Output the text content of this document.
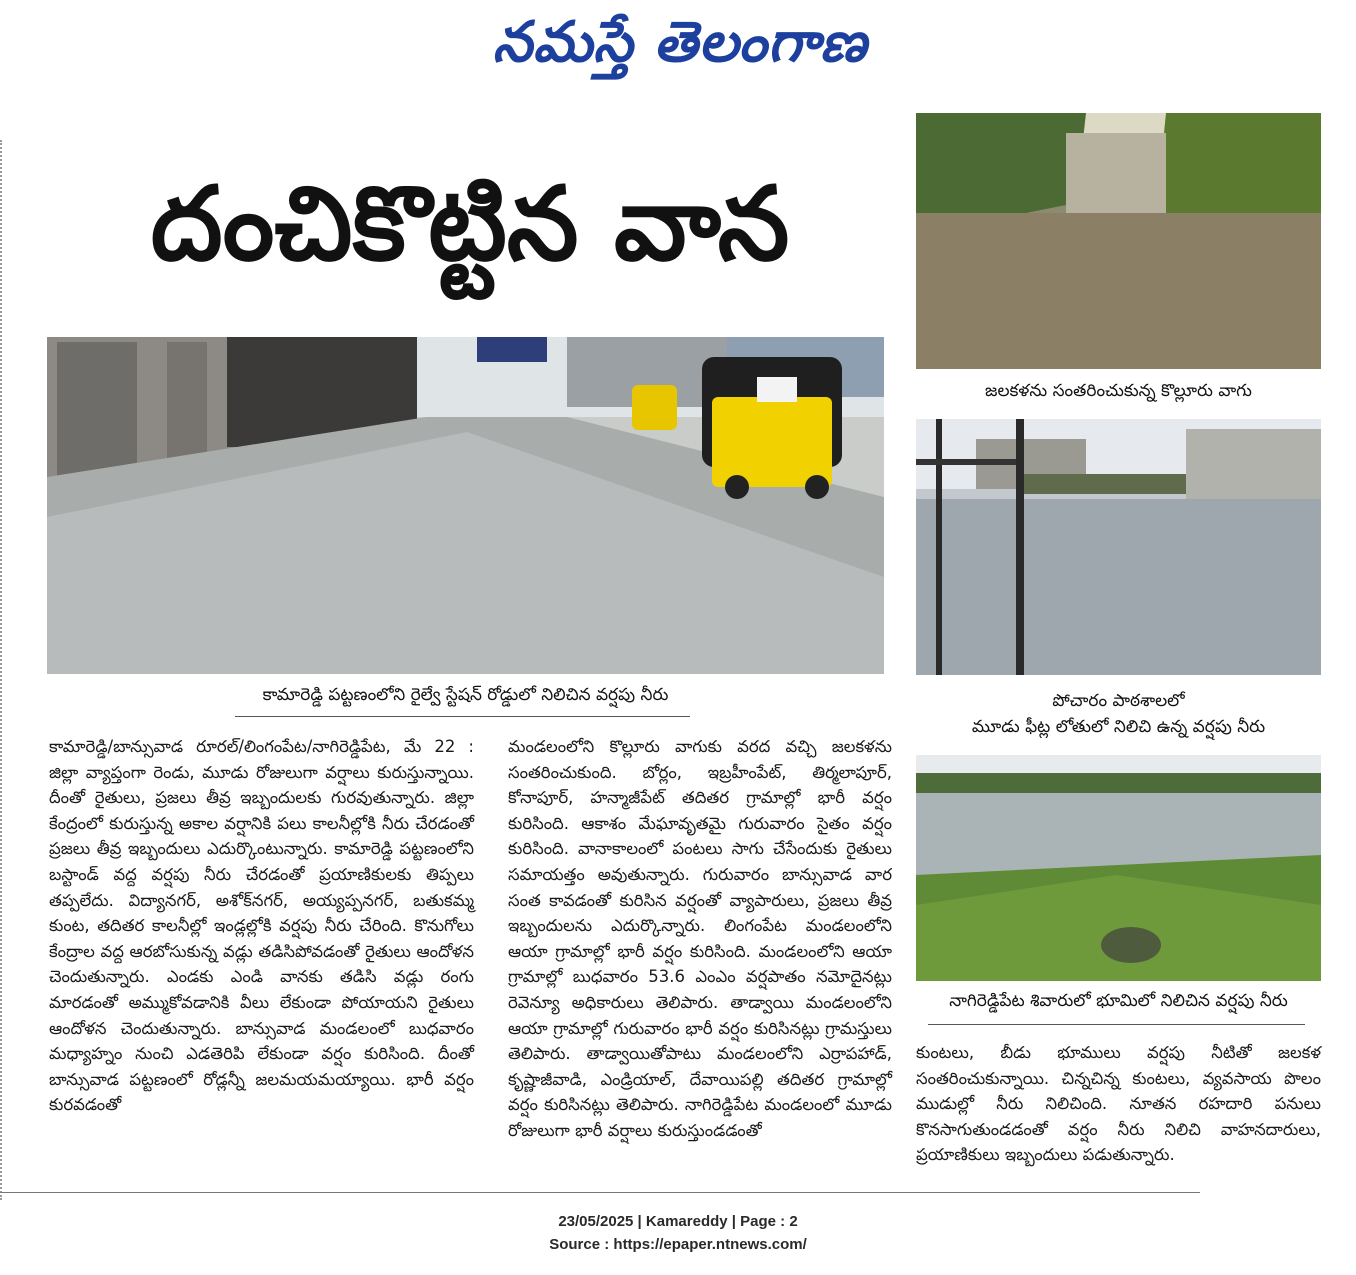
నమస్తే తెలంగాణ
దంచికొట్టిన వాన
కామారెడ్డి పట్టణంలోని రైల్వే స్టేషన్ రోడ్డులో నిలిచిన వర్షపు నీరు
జలకళను సంతరించుకున్న కొల్లూరు వాగు
పోచారం పాఠశాలలో
మూడు ఫీట్ల లోతులో నిలిచి ఉన్న వర్షపు నీరు
నాగిరెడ్డిపేట శివారులో భూమిలో నిలిచిన వర్షపు నీరు
కామారెడ్డి/బాన్సువాడ రూరల్/లింగంపేట/నాగిరెడ్డిపేట, మే 22 : జిల్లా వ్యాప్తంగా రెండు, మూడు రోజులుగా వర్షాలు కురుస్తున్నాయి. దీంతో రైతులు, ప్రజలు తీవ్ర ఇబ్బందులకు గురవుతున్నారు. జిల్లా కేంద్రంలో కురుస్తున్న అకాల వర్షానికి పలు కాలనీల్లోకి నీరు చేరడంతో ప్రజలు తీవ్ర ఇబ్బందులు ఎదుర్కొంటున్నారు. కామారెడ్డి పట్టణంలోని బస్టాండ్ వద్ద వర్షపు నీరు చేరడంతో ప్రయాణికులకు తిప్పలు తప్పలేదు. విద్యానగర్, అశోక్‌నగర్, అయ్యప్పనగర్, బతుకమ్మ కుంట, తదితర కాలనీల్లో ఇండ్లల్లోకి వర్షపు నీరు చేరింది. కొనుగోలు కేంద్రాల వద్ద ఆరబోసుకున్న వడ్లు తడిసిపోవడంతో రైతులు ఆందోళన చెందుతున్నారు. ఎండకు ఎండి వానకు తడిసి వడ్లు రంగు మారడంతో అమ్ముకోవడానికి వీలు లేకుండా పోయాయని రైతులు ఆందోళన చెందుతున్నారు. బాన్సువాడ మండలంలో బుధవారం మధ్యాహ్నం నుంచి ఎడతెరిపి లేకుండా వర్షం కురిసింది. దీంతో బాన్సువాడ పట్టణంలో రోడ్లన్నీ జలమయమయ్యాయి. భారీ వర్షం కురవడంతో
మండలంలోని కొల్లూరు వాగుకు వరద వచ్చి జలకళను సంతరించుకుంది. బోర్లం, ఇబ్రహీంపేట్, తిర్మలాపూర్, కోనాపూర్, హన్మాజీపేట్ తదితర గ్రామాల్లో భారీ వర్షం కురిసింది. ఆకాశం మేఘావృతమై గురువారం సైతం వర్షం కురిసింది. వానాకాలంలో పంటలు సాగు చేసేందుకు రైతులు సమాయత్తం అవుతున్నారు. గురువారం బాన్సువాడ వార సంత కావడంతో కురిసిన వర్షంతో వ్యాపారులు, ప్రజలు తీవ్ర ఇబ్బందులను ఎదుర్కొన్నారు. లింగంపేట మండలంలోని ఆయా గ్రామాల్లో భారీ వర్షం కురిసింది. మండలంలోని ఆయా గ్రామాల్లో బుధవారం 53.6 ఎంఎం వర్షపాతం నమోదైనట్లు రెవెన్యూ అధికారులు తెలిపారు. తాడ్వాయి మండలంలోని ఆయా గ్రామాల్లో గురువారం భారీ వర్షం కురిసినట్లు గ్రామస్తులు తెలిపారు. తాడ్వాయితోపాటు మండలంలోని ఎర్రాపహాడ్, కృష్ణాజీవాడి, ఎండ్రియాల్, దేవాయిపల్లి తదితర గ్రామాల్లో వర్షం కురిసినట్లు తెలిపారు. నాగిరెడ్డిపేట మండలంలో మూడు రోజులుగా భారీ వర్షాలు కురుస్తుండడంతో
కుంటలు, బీడు భూములు వర్షపు నీటితో జలకళ సంతరించుకున్నాయి. చిన్నచిన్న కుంటలు, వ్యవసాయ పొలం ముడుల్లో నీరు నిలిచింది. నూతన రహదారి పనులు కొనసాగుతుండడంతో వర్షం నీరు నిలిచి వాహనదారులు, ప్రయాణికులు ఇబ్బందులు పడుతున్నారు.
23/05/2025 | Kamareddy | Page : 2
Source : https://epaper.ntnews.com/
